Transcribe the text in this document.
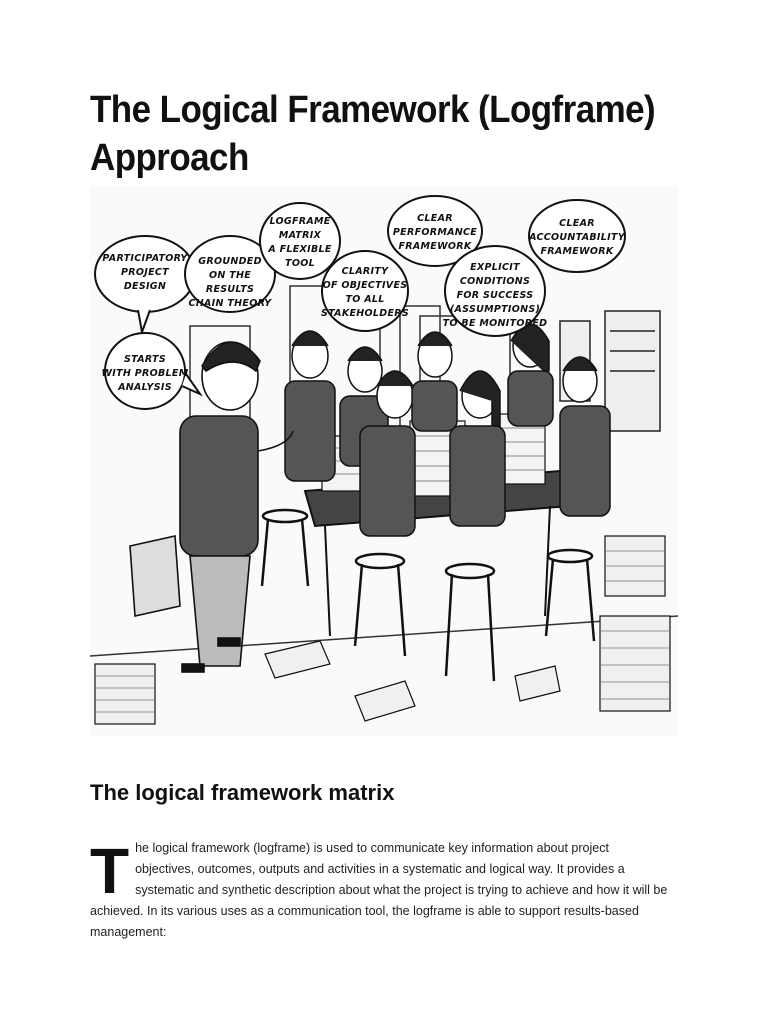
The Logical Framework (Logframe)
Approach
PARTICIPATORY
PROJECT
DESIGN
GROUNDED
ON THE
RESULTS
CHAIN THEORY
LOGFRAME
MATRIX
A FLEXIBLE
TOOL
CLARITY
OF OBJECTIVES
TO ALL
STAKEHOLDERS
CLEAR
PERFORMANCE
FRAMEWORK
EXPLICIT
CONDITIONS
FOR SUCCESS
(ASSUMPTIONS)
TO BE MONITORED
CLEAR
ACCOUNTABILITY
FRAMEWORK
STARTS
WITH PROBLEM
ANALYSIS
The logical framework matrix
T he logical framework (logframe) is used to communicate key information about project objectives, outcomes, outputs and activities in a systematic and logical way. It provides a systematic and synthetic description about what the project is trying to achieve and how it will be achieved. In its various uses as a communication tool, the logframe is able to support results-based management:
